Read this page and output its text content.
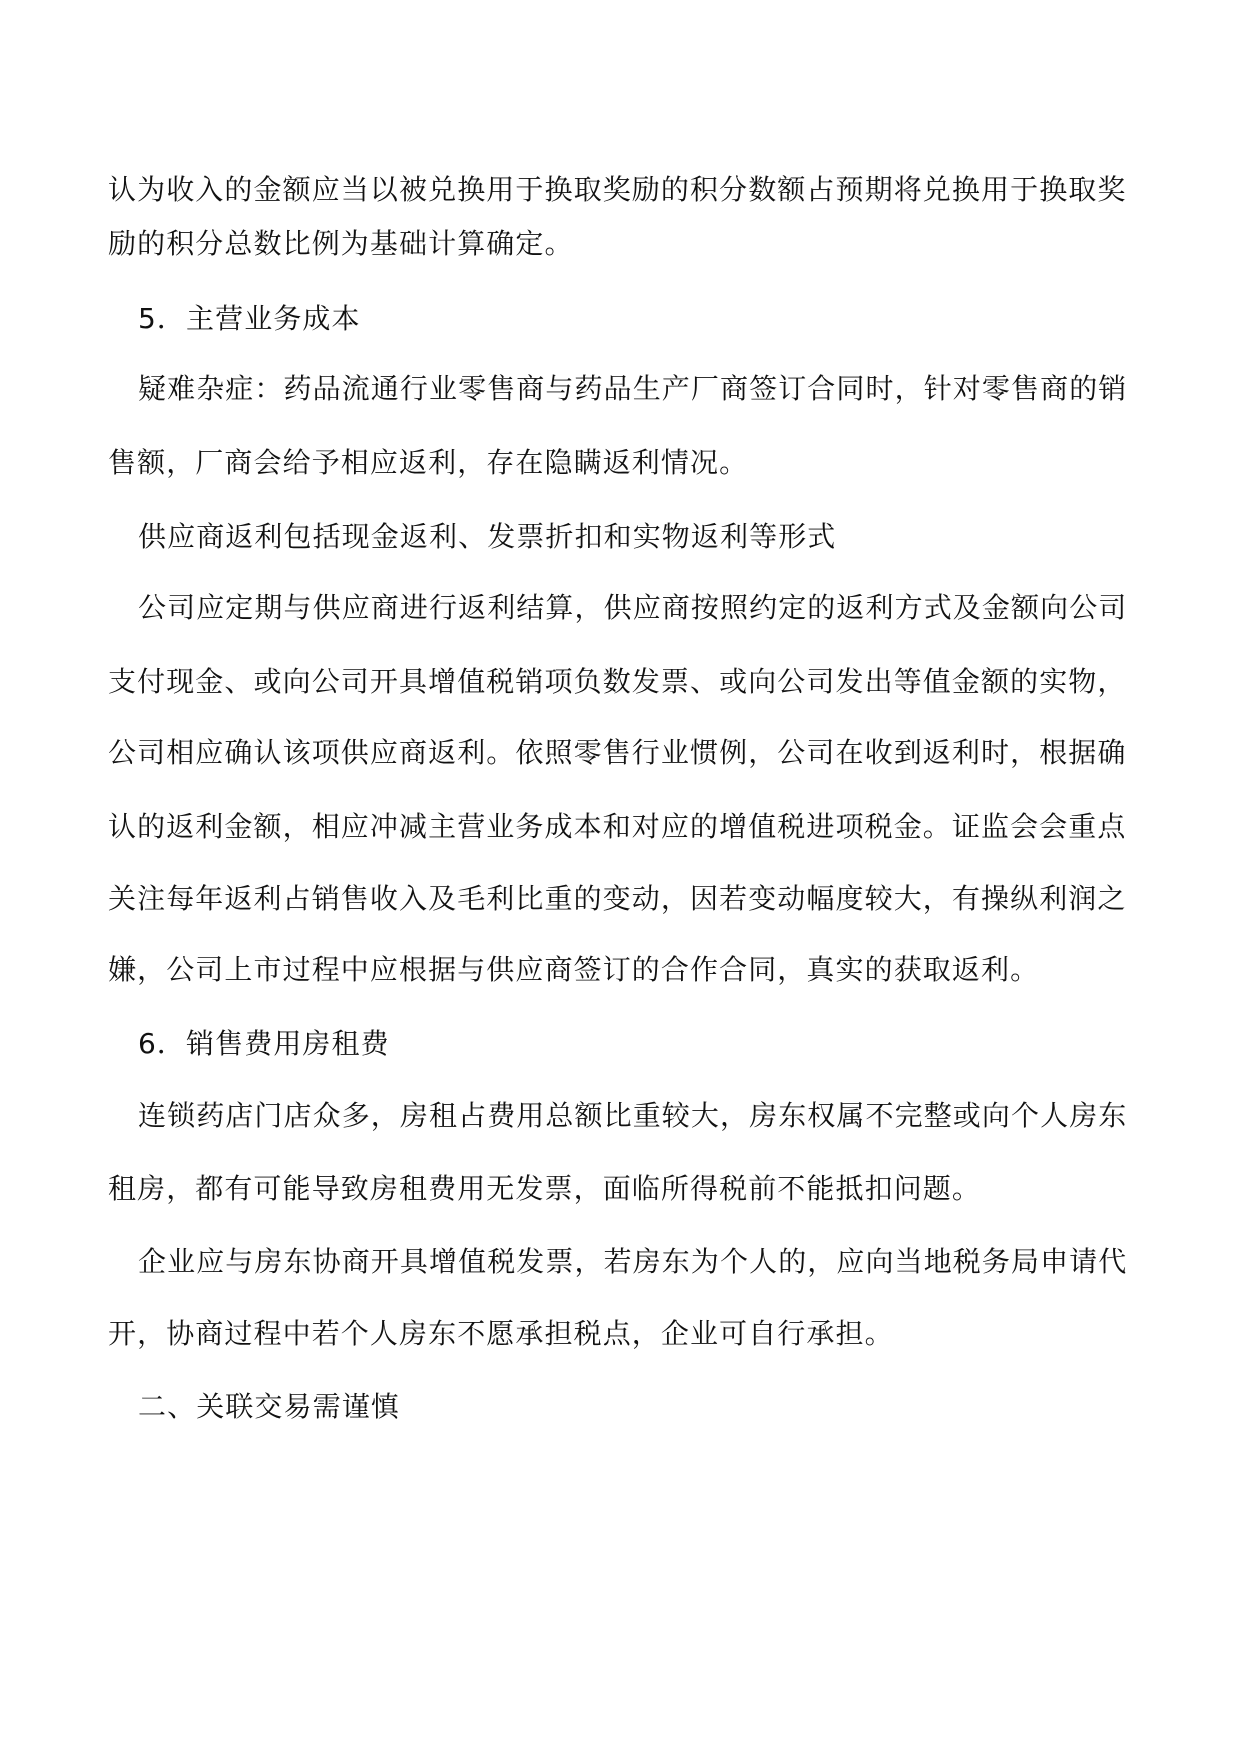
认为收入的金额应当以被兑换用于换取奖励的积分数额占预期将兑换用于换取奖
励的积分总数比例为基础计算确定。
5．主营业务成本
疑难杂症：药品流通行业零售商与药品生产厂商签订合同时，针对零售商的销
售额，厂商会给予相应返利，存在隐瞒返利情况。
供应商返利包括现金返利、发票折扣和实物返利等形式
公司应定期与供应商进行返利结算，供应商按照约定的返利方式及金额向公司
支付现金、或向公司开具增值税销项负数发票、或向公司发出等值金额的实物，
公司相应确认该项供应商返利。依照零售行业惯例，公司在收到返利时，根据确
认的返利金额，相应冲减主营业务成本和对应的增值税进项税金。证监会会重点
关注每年返利占销售收入及毛利比重的变动，因若变动幅度较大，有操纵利润之
嫌，公司上市过程中应根据与供应商签订的合作合同，真实的获取返利。
6．销售费用房租费
连锁药店门店众多，房租占费用总额比重较大，房东权属不完整或向个人房东
租房，都有可能导致房租费用无发票，面临所得税前不能抵扣问题。
企业应与房东协商开具增值税发票，若房东为个人的，应向当地税务局申请代
开，协商过程中若个人房东不愿承担税点，企业可自行承担。
二、关联交易需谨慎
